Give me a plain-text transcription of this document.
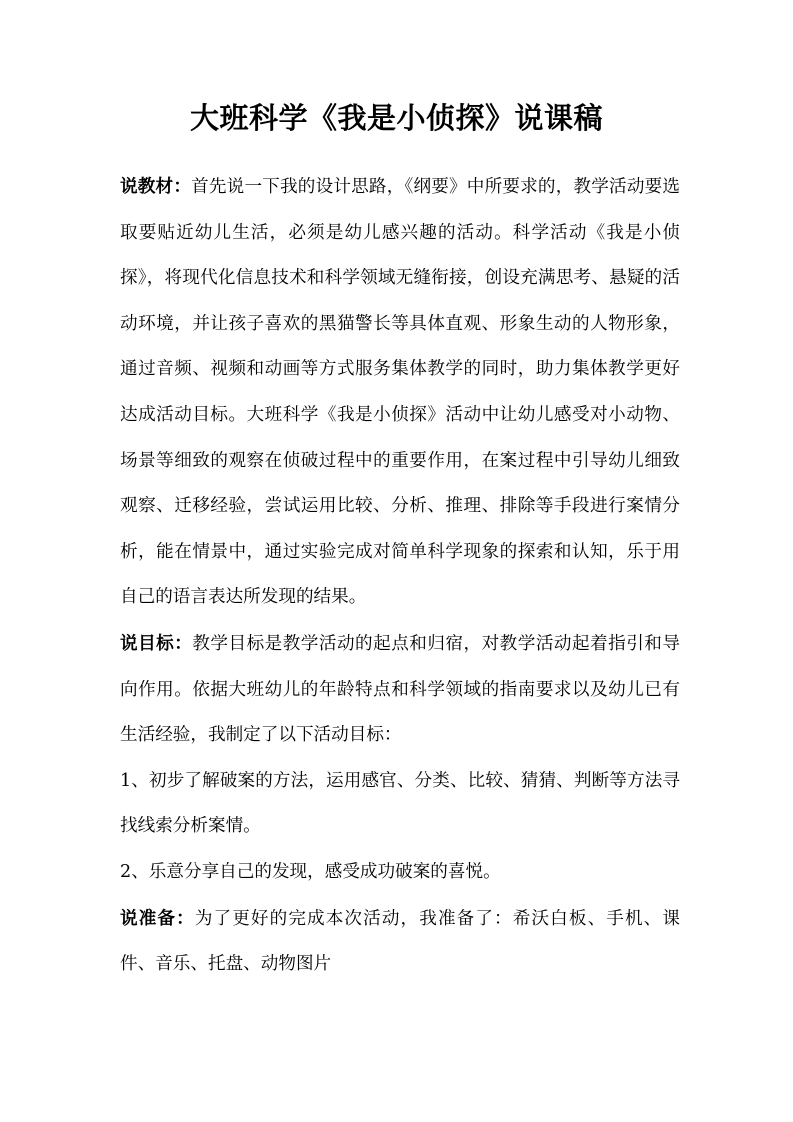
大班科学《我是小侦探》说课稿

说教材：首先说一下我的设计思路，《纲要》中所要求的，教学活动要选取要贴近幼儿生活，必须是幼儿感兴趣的活动。科学活动《我是小侦探》，将现代化信息技术和科学领域无缝衔接，创设充满思考、悬疑的活动环境，并让孩子喜欢的黑猫警长等具体直观、形象生动的人物形象，通过音频、视频和动画等方式服务集体教学的同时，助力集体教学更好达成活动目标。大班科学《我是小侦探》活动中让幼儿感受对小动物、场景等细致的观察在侦破过程中的重要作用，在案过程中引导幼儿细致观察、迁移经验，尝试运用比较、分析、推理、排除等手段进行案情分析，能在情景中，通过实验完成对简单科学现象的探索和认知，乐于用自己的语言表达所发现的结果。

说目标：教学目标是教学活动的起点和归宿，对教学活动起着指引和导向作用。依据大班幼儿的年龄特点和科学领域的指南要求以及幼儿已有生活经验，我制定了以下活动目标：

1、初步了解破案的方法，运用感官、分类、比较、猜猜、判断等方法寻找线索分析案情。

2、乐意分享自己的发现，感受成功破案的喜悦。

说准备：为了更好的完成本次活动，我准备了：希沃白板、手机、课件、音乐、托盘、动物图片
